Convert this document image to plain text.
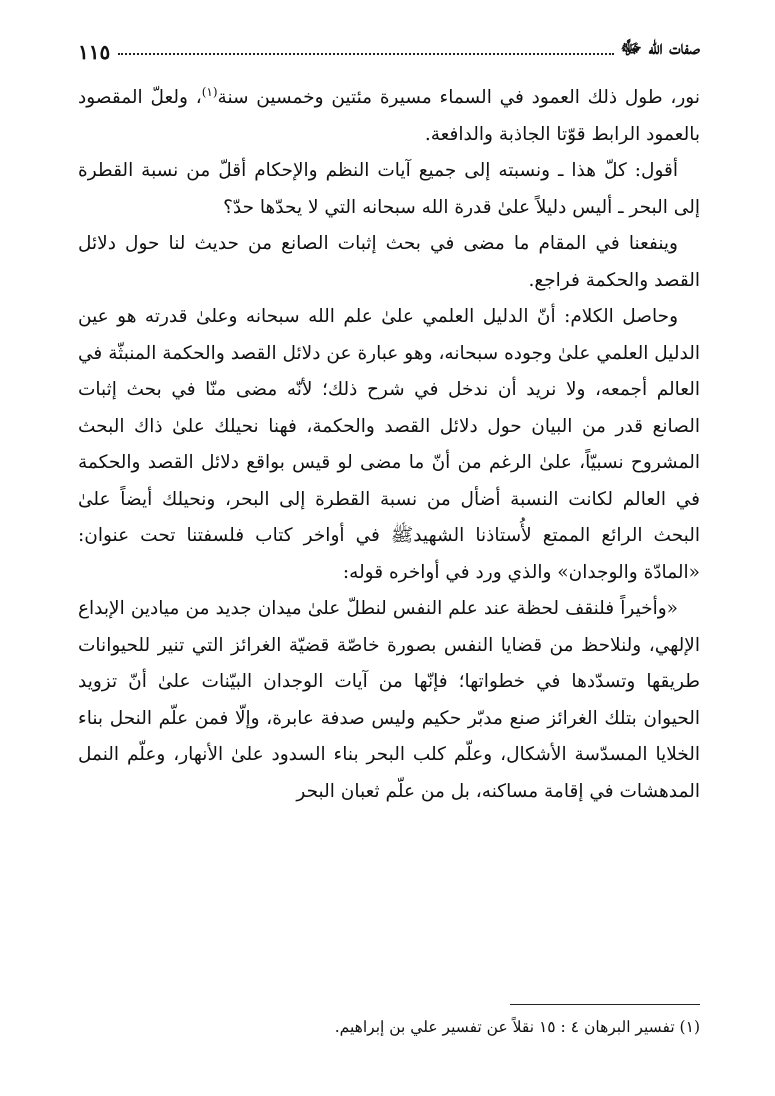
صفات الله ﷻ
١١٥

نور، طول ذلك العمود في السماء مسيرة مئتين وخمسين سنة$^{(١)}$، ولعلّ المقصود بالعمود الرابط قوّتا الجاذبة والدافعة.

أقول: كلّ هذا ـ ونسبته إلى جميع آيات النظم والإحكام أقلّ من نسبة القطرة إلى البحر ـ أليس دليلاً علىٰ قدرة الله سبحانه التي لا يحدّها حدّ؟

وينفعنا في المقام ما مضى في بحث إثبات الصانع من حديث لنا حول دلائل القصد والحكمة فراجع.

وحاصل الكلام: أنّ الدليل العلمي علىٰ علم الله سبحانه وعلىٰ قدرته هو عين الدليل العلمي علىٰ وجوده سبحانه، وهو عبارة عن دلائل القصد والحكمة المنبثّة في العالم أجمعه، ولا نريد أن ندخل في شرح ذلك؛ لأنّه مضى منّا في بحث إثبات الصانع قدر من البيان حول دلائل القصد والحكمة، فهنا نحيلك علىٰ ذاك البحث المشروح نسبيّاً، علىٰ الرغم من أنّ ما مضى لو قيس بواقع دلائل القصد والحكمة في العالم لكانت النسبة أضأل من نسبة القطرة إلى البحر، ونحيلك أيضاً علىٰ البحث الرائع الممتع لأُستاذنا الشهيدﷺ في أواخر كتاب فلسفتنا تحت عنوان: «المادّة والوجدان» والذي ورد في أواخره قوله:

«وأخيراً فلنقف لحظة عند علم النفس لنطلّ علىٰ ميدان جديد من ميادين الإبداع الإلهي، ولنلاحظ من قضايا النفس بصورة خاصّة قضيّة الغرائز التي تنير للحيوانات طريقها وتسدّدها في خطواتها؛ فإنّها من آيات الوجدان البيّنات علىٰ أنّ تزويد الحيوان بتلك الغرائز صنع مدبّر حكيم وليس صدفة عابرة، وإلّا فمن علّم النحل بناء الخلايا المسدّسة الأشكال، وعلّم كلب البحر بناء السدود علىٰ الأنهار، وعلّم النمل المدهشات في إقامة مساكنه، بل من علّم ثعبان البحر

(١) تفسير البرهان ٤ : ١٥ نقلاً عن تفسير علي بن إبراهيم.
